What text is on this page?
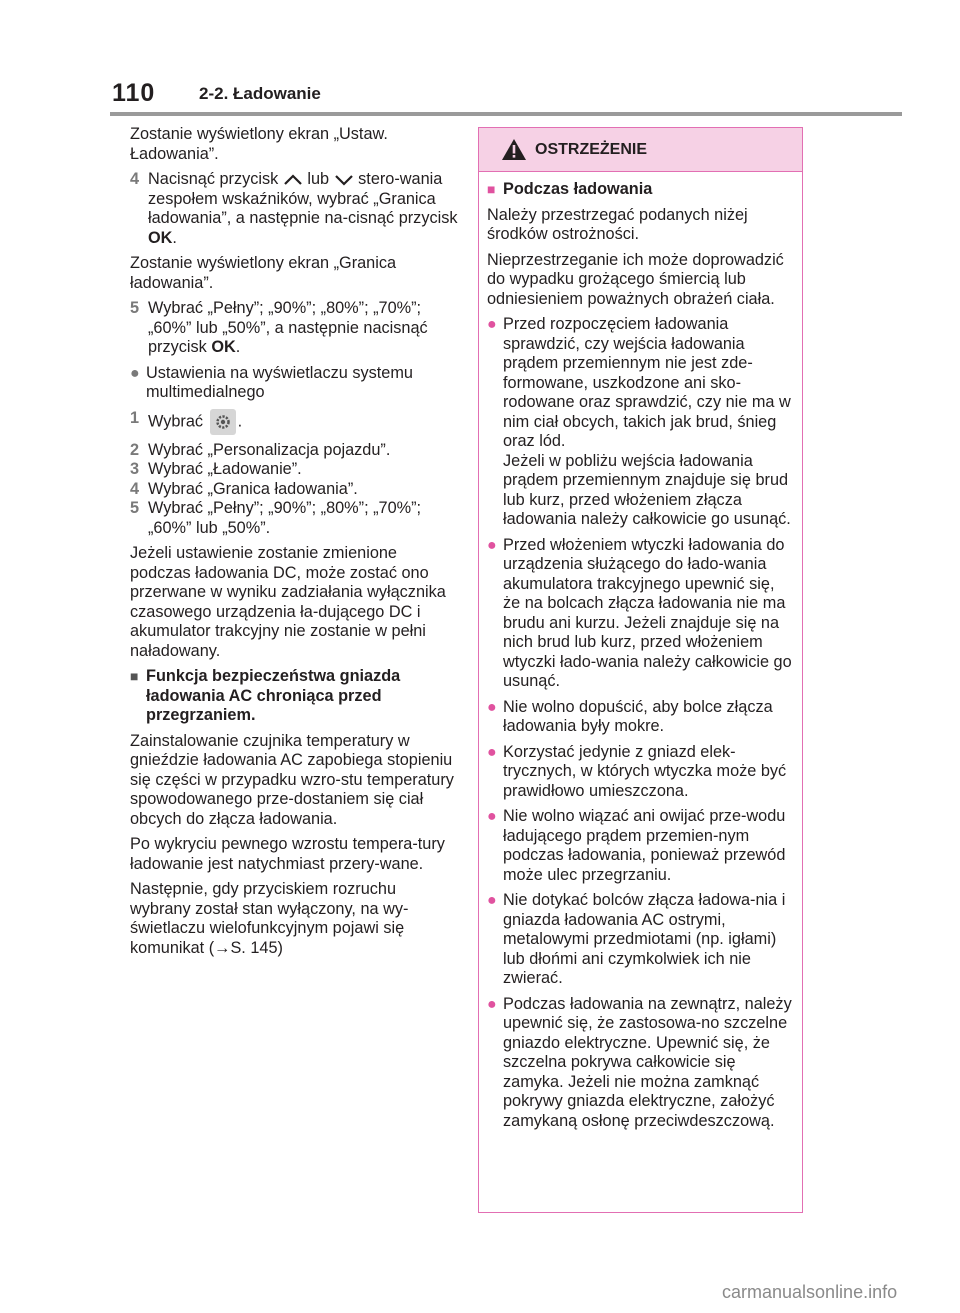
110	2-2. Ładowanie

Zostanie wyświetlony ekran „Ustaw. Ładowania”.

4 Nacisnąć przycisk lub stero-wania zespołem wskaźników, wybrać „Granica ładowania”, a następnie na-cisnąć przycisk OK.

Zostanie wyświetlony ekran „Granica ładowania”.

5 Wybrać „Pełny”; „90%”; „80%”; „70%”; „60%” lub „50%”, a następnie nacisnąć przycisk OK.
● Ustawienia na wyświetlaczu systemu multimedialnego
1 Wybrać .
2 Wybrać „Personalizacja pojazdu”.
3 Wybrać „Ładowanie”.
4 Wybrać „Granica ładowania”.
5 Wybrać „Pełny”; „90%”; „80%”; „70%”; „60%” lub „50%”.

Jeżeli ustawienie zostanie zmienione podczas ładowania DC, może zostać ono przerwane w wyniku zadziałania wyłącznika czasowego urządzenia ła-dującego DC i akumulator trakcyjny nie zostanie w pełni naładowany.

■ Funkcja bezpieczeństwa gniazda ładowania AC chroniąca przed przegrzaniem.

Zainstalowanie czujnika temperatury w gnieździe ładowania AC zapobiega stopieniu się części w przypadku wzro-stu temperatury spowodowanego prze-dostaniem się ciał obcych do złącza ładowania.

Po wykryciu pewnego wzrostu tempera-tury ładowanie jest natychmiast przery-wane.

Następnie, gdy przyciskiem rozruchu wybrany został stan wyłączony, na wy-świetlaczu wielofunkcyjnym pojawi się komunikat (→S. 145)

OSTRZEŻENIE
■ Podczas ładowania

Należy przestrzegać podanych niżej środków ostrożności.

Nieprzestrzeganie ich może doprowadzić do wypadku grożącego śmiercią lub odniesieniem poważnych obrażeń ciała.

● Przed rozpoczęciem ładowania sprawdzić, czy wejścia ładowania prądem przemiennym nie jest zde-formowane, uszkodzone ani sko-rodowane oraz sprawdzić, czy nie ma w nim ciał obcych, takich jak brud, śnieg oraz lód.
Jeżeli w pobliżu wejścia ładowania prądem przemiennym znajduje się brud lub kurz, przed włożeniem złącza ładowania należy całkowicie go usunąć.
● Przed włożeniem wtyczki ładowania do urządzenia służącego do łado-wania akumulatora trakcyjnego upewnić się, że na bolcach złącza ładowania nie ma brudu ani kurzu. Jeżeli znajduje się na nich brud lub kurz, przed włożeniem wtyczki łado-wania należy całkowicie go usunąć.
● Nie wolno dopuścić, aby bolce złącza ładowania były mokre.
● Korzystać jedynie z gniazd elek-trycznych, w których wtyczka może być prawidłowo umieszczona.
● Nie wolno wiązać ani owijać prze-wodu ładującego prądem przemien-nym podczas ładowania, ponieważ przewód może ulec przegrzaniu.
● Nie dotykać bolców złącza ładowa-nia i gniazda ładowania AC ostrymi, metalowymi przedmiotami (np. igłami) lub dłońmi ani czymkolwiek ich nie zwierać.
● Podczas ładowania na zewnątrz, należy upewnić się, że zastosowa-no szczelne gniazdo elektryczne. Upewnić się, że szczelna pokrywa całkowicie się zamyka. Jeżeli nie można zamknąć pokrywy gniazda elektryczne, założyć zamykaną osłonę przeciwdeszczową.
carmanualsonline.info
